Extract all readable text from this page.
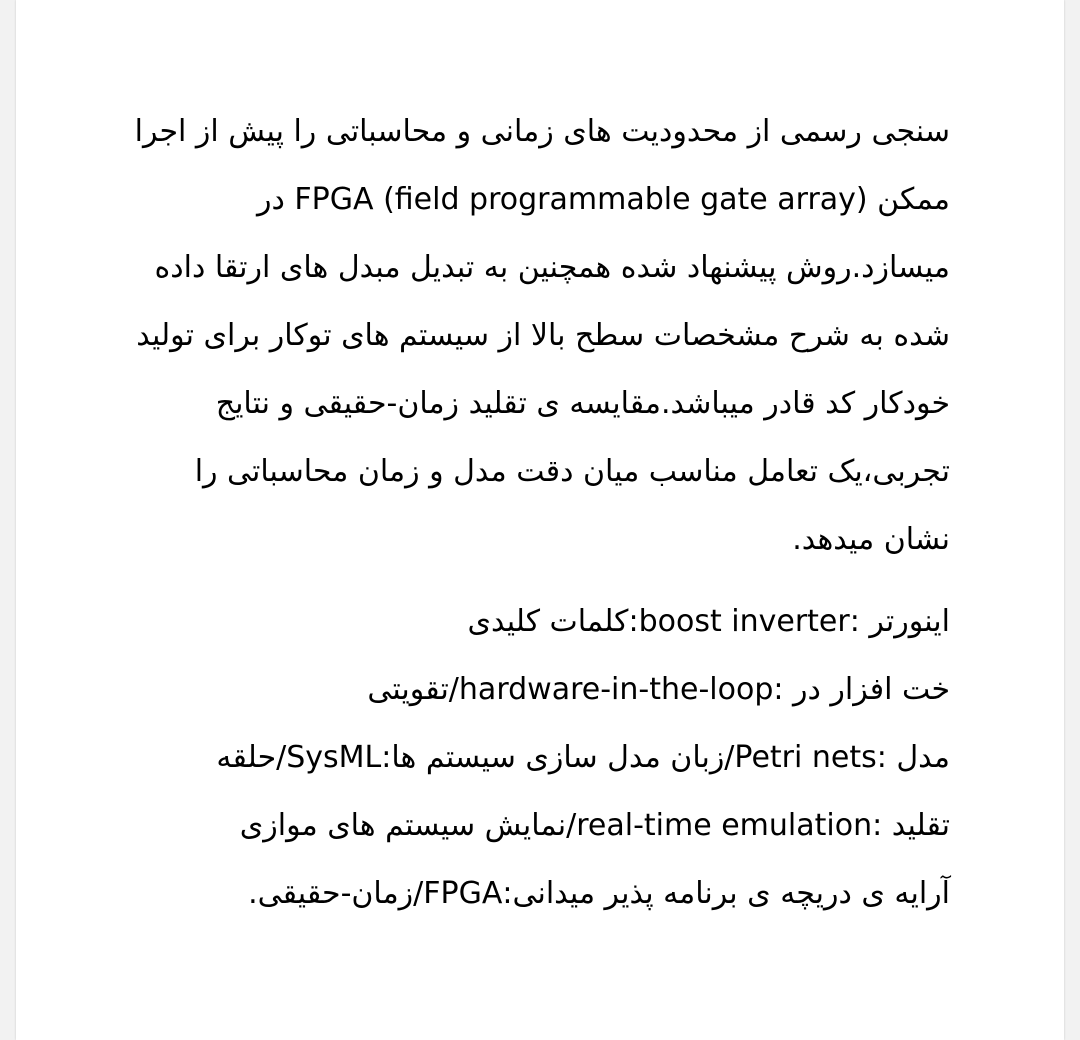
سنجی رسمی از محدودیت های زمانی و محاسباتی را پیش از اجرا
ممکن FPGA (field programmable gate array) در
میسازد.روش پیشنهاد شده همچنین به تبدیل مبدل های ارتقا داده
شده به شرح مشخصات سطح بالا از سیستم های توکار برای تولید
خودکار کد قادر میباشد.مقایسه ی تقلید زمان-حقیقی و نتایج
تجربی،یک تعامل مناسب میان دقت مدل و زمان محاسباتی را
نشان میدهد.
اینورتر :boost inverter:کلمات کلیدی
خت افزار در :hardware-in-the-loop/تقویتی
مدل :Petri nets/زبان مدل سازی سیستم ها:SysML/حلقه
تقلید :real-time emulation/نمایش سیستم های موازی
آرایه ی دریچه ی برنامه پذیر میدانی:FPGA/زمان-حقیقی.
